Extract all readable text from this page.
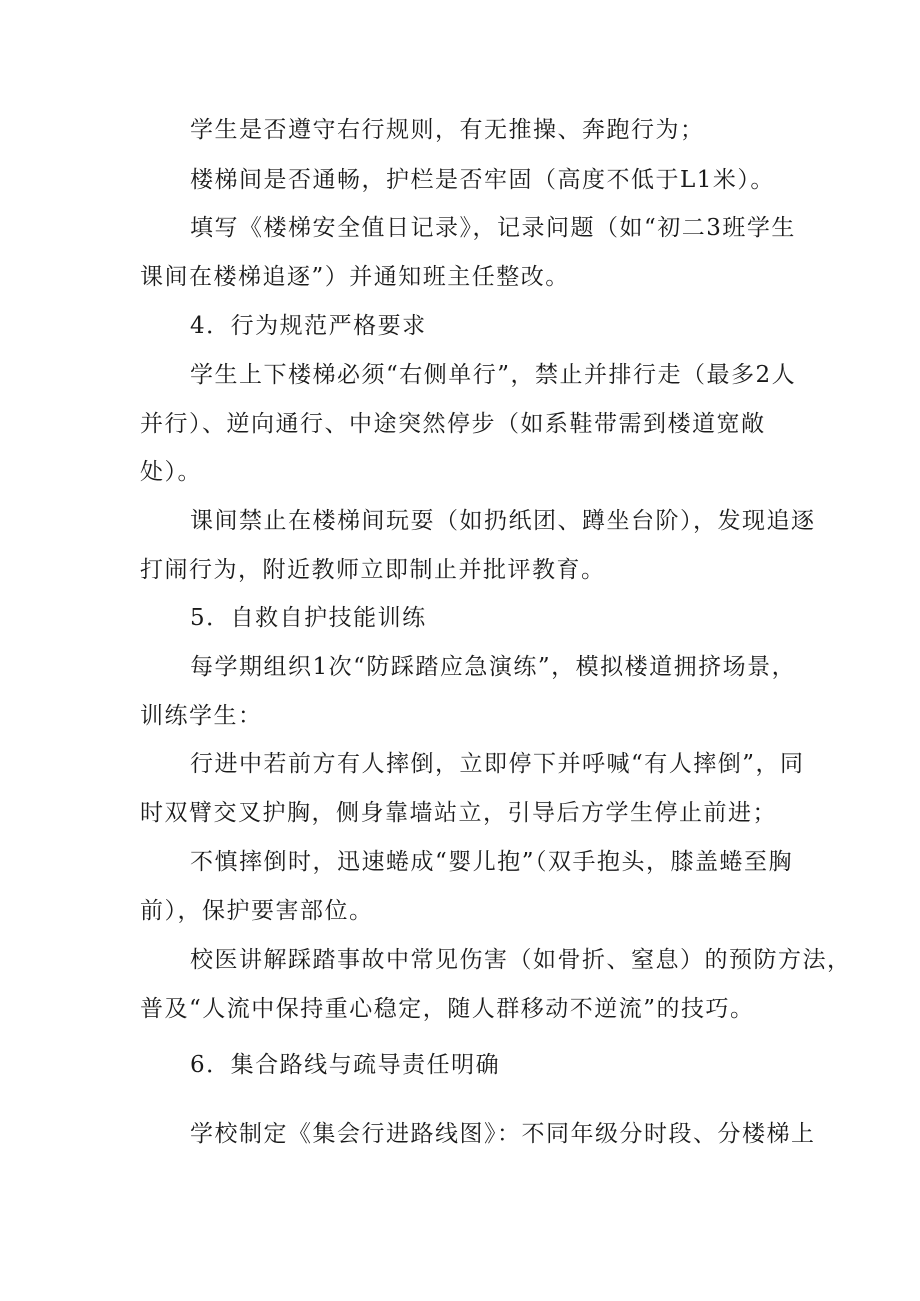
学生是否遵守右行规则，有无推操、奔跑行为；
楼梯间是否通畅，护栏是否牢固（高度不低于L1米）。
填写《楼梯安全值日记录》，记录问题（如“初二3班学生
课间在楼梯追逐”）并通知班主任整改。
4．行为规范严格要求
学生上下楼梯必须“右侧单行”，禁止并排行走（最多2人
并行）、逆向通行、中途突然停步（如系鞋带需到楼道宽敞
处）。
课间禁止在楼梯间玩耍（如扔纸团、蹲坐台阶），发现追逐
打闹行为，附近教师立即制止并批评教育。
5．自救自护技能训练
每学期组织1次“防踩踏应急演练”，模拟楼道拥挤场景，
训练学生：
行进中若前方有人摔倒，立即停下并呼喊“有人摔倒”，同
时双臂交叉护胸，侧身靠墙站立，引导后方学生停止前进；
不慎摔倒时，迅速蜷成“婴儿抱”（双手抱头，膝盖蜷至胸
前），保护要害部位。
校医讲解踩踏事故中常见伤害（如骨折、窒息）的预防方法，
普及“人流中保持重心稳定，随人群移动不逆流”的技巧。
6．集合路线与疏导责任明确
学校制定《集会行进路线图》：不同年级分时段、分楼梯上
